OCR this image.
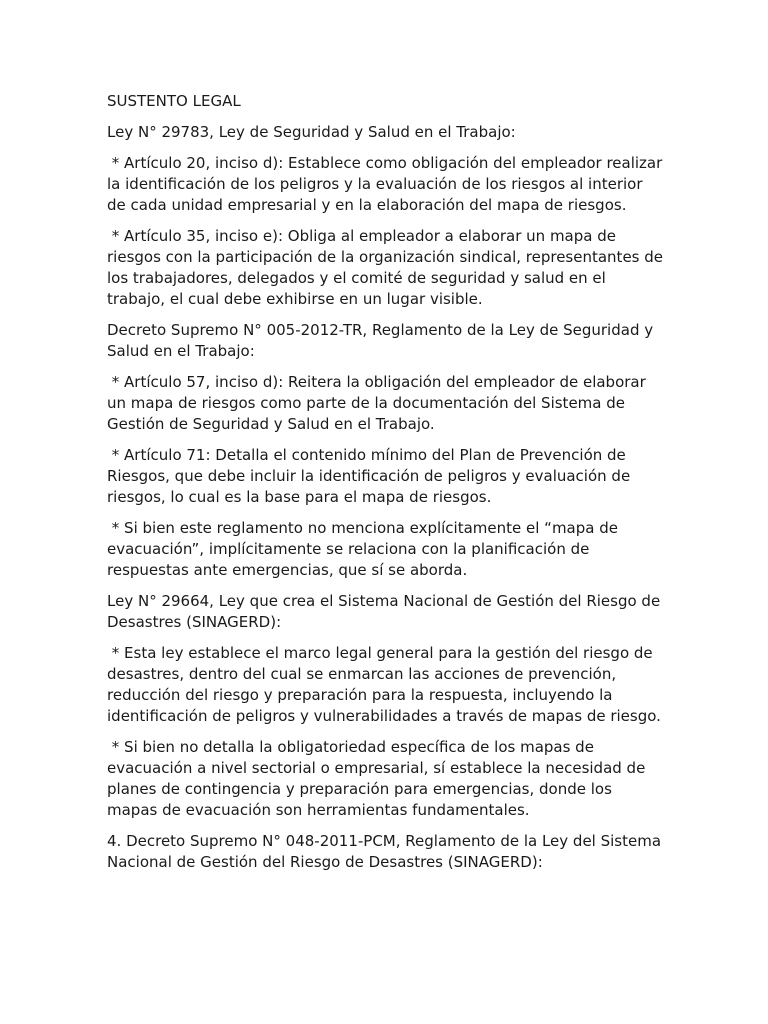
SUSTENTO LEGAL

Ley N° 29783, Ley de Seguridad y Salud en el Trabajo:

* Artículo 20, inciso d): Establece como obligación del empleador realizar la identificación de los peligros y la evaluación de los riesgos al interior de cada unidad empresarial y en la elaboración del mapa de riesgos.

* Artículo 35, inciso e): Obliga al empleador a elaborar un mapa de riesgos con la participación de la organización sindical, representantes de los trabajadores, delegados y el comité de seguridad y salud en el trabajo, el cual debe exhibirse en un lugar visible.

Decreto Supremo N° 005-2012-TR, Reglamento de la Ley de Seguridad y Salud en el Trabajo:

* Artículo 57, inciso d): Reitera la obligación del empleador de elaborar un mapa de riesgos como parte de la documentación del Sistema de Gestión de Seguridad y Salud en el Trabajo.

* Artículo 71: Detalla el contenido mínimo del Plan de Prevención de Riesgos, que debe incluir la identificación de peligros y evaluación de riesgos, lo cual es la base para el mapa de riesgos.

* Si bien este reglamento no menciona explícitamente el “mapa de evacuación”, implícitamente se relaciona con la planificación de respuestas ante emergencias, que sí se aborda.

Ley N° 29664, Ley que crea el Sistema Nacional de Gestión del Riesgo de Desastres (SINAGERD):

* Esta ley establece el marco legal general para la gestión del riesgo de desastres, dentro del cual se enmarcan las acciones de prevención, reducción del riesgo y preparación para la respuesta, incluyendo la identificación de peligros y vulnerabilidades a través de mapas de riesgo.

* Si bien no detalla la obligatoriedad específica de los mapas de evacuación a nivel sectorial o empresarial, sí establece la necesidad de planes de contingencia y preparación para emergencias, donde los mapas de evacuación son herramientas fundamentales.

4. Decreto Supremo N° 048-2011-PCM, Reglamento de la Ley del Sistema Nacional de Gestión del Riesgo de Desastres (SINAGERD):
